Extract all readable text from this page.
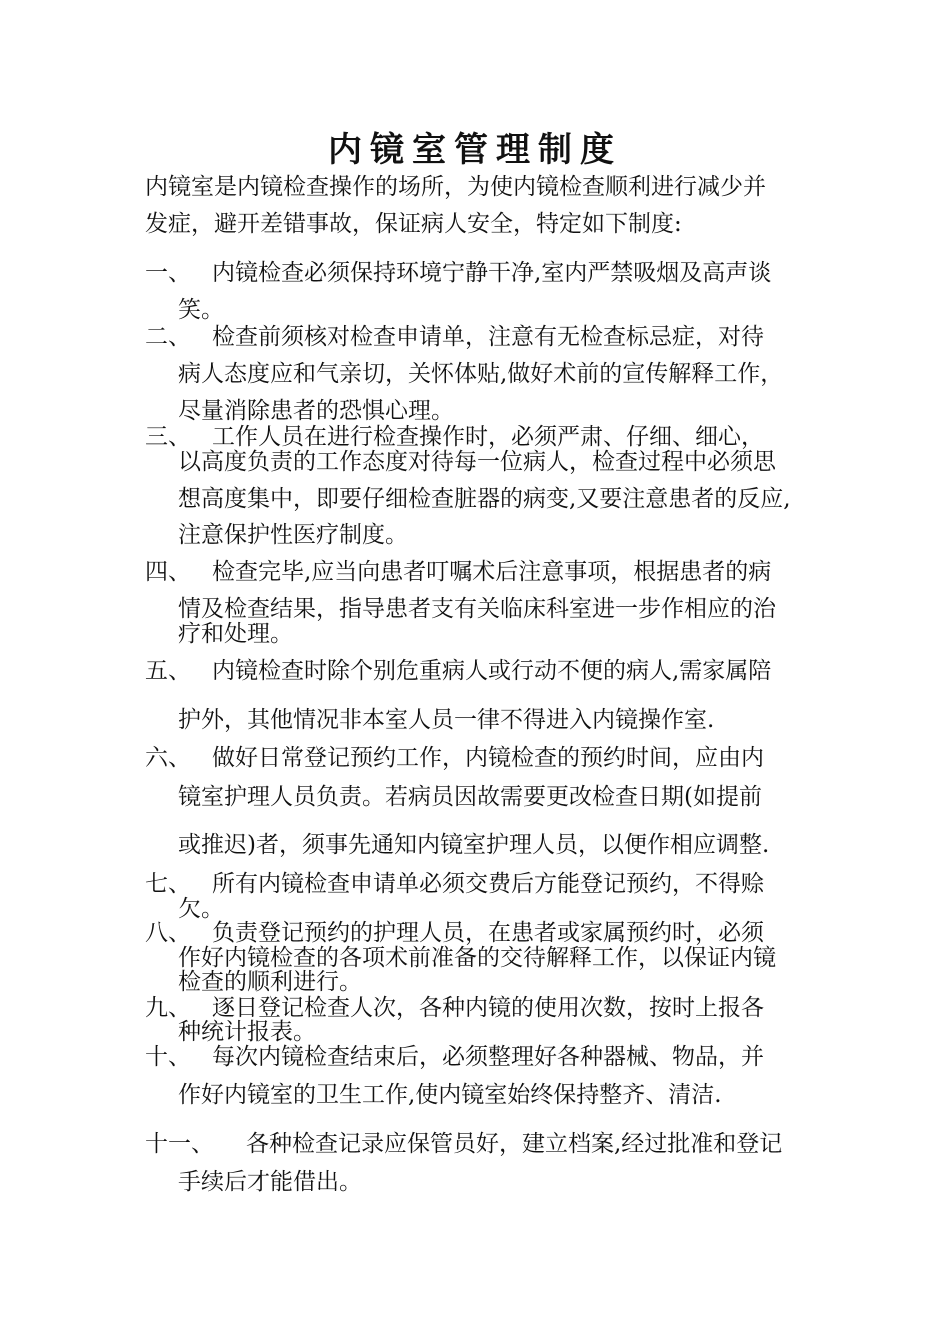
内镜室管理制度
内镜室是内镜检查操作的场所，为使内镜检查顺利进行减少并
发症，避开差错事故，保证病人安全，特定如下制度:
一、 内镜检查必须保持环境宁静干净,室内严禁吸烟及高声谈
笑。
二、 检查前须核对检查申请单，注意有无检查标忌症，对待
病人态度应和气亲切，关怀体贴,做好术前的宣传解释工作，
尽量消除患者的恐惧心理。
三、 工作人员在进行检查操作时，必须严肃、仔细、细心，
以高度负责的工作态度对待每一位病人，检查过程中必须思
想高度集中，即要仔细检查脏器的病变,又要注意患者的反应,
注意保护性医疗制度。
四、 检查完毕,应当向患者叮嘱术后注意事项，根据患者的病
情及检查结果，指导患者支有关临床科室进一步作相应的治
疗和处理。
五、 内镜检查时除个别危重病人或行动不便的病人,需家属陪
护外，其他情况非本室人员一律不得进入内镜操作室.
六、 做好日常登记预约工作，内镜检查的预约时间，应由内
镜室护理人员负责。若病员因故需要更改检查日期(如提前
或推迟)者，须事先通知内镜室护理人员，以便作相应调整.
七、 所有内镜检查申请单必须交费后方能登记预约，不得赊
欠。
八、 负责登记预约的护理人员，在患者或家属预约时，必须
作好内镜检查的各项术前准备的交待解释工作，以保证内镜
检查的顺利进行。
九、 逐日登记检查人次，各种内镜的使用次数，按时上报各
种统计报表。
十、 每次内镜检查结束后，必须整理好各种器械、物品，并
作好内镜室的卫生工作,使内镜室始终保持整齐、清洁.
十一、 各种检查记录应保管员好，建立档案,经过批准和登记
手续后才能借出。
